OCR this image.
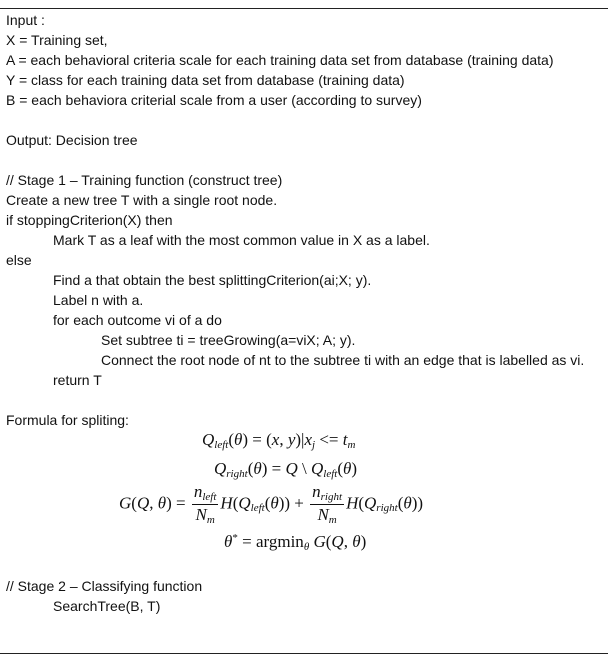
Input :
X = Training set,
A = each behavioral criteria scale for each training data set from database (training data)
Y = class for each training data set from database (training data)
B = each behaviora criterial scale from a user (according to survey)
Output: Decision tree
// Stage 1 – Training function (construct tree)
Create a new tree T with a single root node.
if stoppingCriterion(X) then
Mark T as a leaf with the most common value in X as a label.
else
Find a that obtain the best splittingCriterion(ai;X; y).
Label n with a.
for each outcome vi of a do
Set subtree ti = treeGrowing(a=viX; A; y).
Connect the root node of nt to the subtree ti with an edge that is labelled as vi.
return T
Formula for spliting:
Qleft(θ) = (x, y)|xj <= tm
Qright(θ) = Q \ Qleft(θ)
G(Q, $\theta) = \frac{\text{nleft}}{Nm}$ H(Qleft(θ)) + $\frac{\text{nright}}{Nm}$ H(Qright(θ))
θ* = argminθ G(Q, θ)
// Stage 2 – Classifying function
SearchTree(B, T)
